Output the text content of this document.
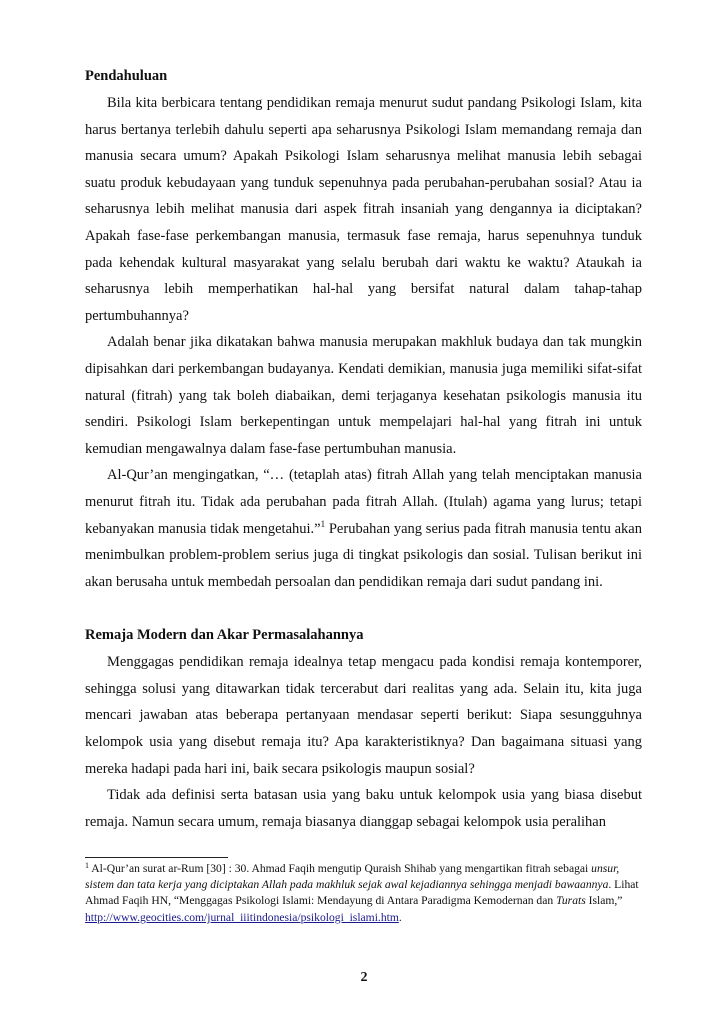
Pendahuluan

Bila kita berbicara tentang pendidikan remaja menurut sudut pandang Psikologi Islam, kita harus bertanya terlebih dahulu seperti apa seharusnya Psikologi Islam memandang remaja dan manusia secara umum? Apakah Psikologi Islam seharusnya melihat manusia lebih sebagai suatu produk kebudayaan yang tunduk sepenuhnya pada perubahan-perubahan sosial? Atau ia seharusnya lebih melihat manusia dari aspek fitrah insaniah yang dengannya ia diciptakan? Apakah fase-fase perkembangan manusia, termasuk fase remaja, harus sepenuhnya tunduk pada kehendak kultural masyarakat yang selalu berubah dari waktu ke waktu? Ataukah ia seharusnya lebih memperhatikan hal-hal yang bersifat natural dalam tahap-tahap pertumbuhannya?

Adalah benar jika dikatakan bahwa manusia merupakan makhluk budaya dan tak mungkin dipisahkan dari perkembangan budayanya. Kendati demikian, manusia juga memiliki sifat-sifat natural (fitrah) yang tak boleh diabaikan, demi terjaganya kesehatan psikologis manusia itu sendiri. Psikologi Islam berkepentingan untuk mempelajari hal-hal yang fitrah ini untuk kemudian mengawalnya dalam fase-fase pertumbuhan manusia.

Al-Qur’an mengingatkan, “… (tetaplah atas) fitrah Allah yang telah menciptakan manusia menurut fitrah itu. Tidak ada perubahan pada fitrah Allah. (Itulah) agama yang lurus; tetapi kebanyakan manusia tidak mengetahui.”$^1$ Perubahan yang serius pada fitrah manusia tentu akan menimbulkan problem-problem serius juga di tingkat psikologis dan sosial. Tulisan berikut ini akan berusaha untuk membedah persoalan dan pendidikan remaja dari sudut pandang ini.

Remaja Modern dan Akar Permasalahannya

Menggagas pendidikan remaja idealnya tetap mengacu pada kondisi remaja kontemporer, sehingga solusi yang ditawarkan tidak tercerabut dari realitas yang ada. Selain itu, kita juga mencari jawaban atas beberapa pertanyaan mendasar seperti berikut: Siapa sesungguhnya kelompok usia yang disebut remaja itu? Apa karakteristiknya? Dan bagaimana situasi yang mereka hadapi pada hari ini, baik secara psikologis maupun sosial?

Tidak ada definisi serta batasan usia yang baku untuk kelompok usia yang biasa disebut remaja. Namun secara umum, remaja biasanya dianggap sebagai kelompok usia peralihan

$^1$ Al-Qur’an surat ar-Rum [30] : 30. Ahmad Faqih mengutip Quraish Shihab yang mengartikan fitrah sebagai unsur, sistem dan tata kerja yang diciptakan Allah pada makhluk sejak awal kejadiannya sehingga menjadi bawaannya. Lihat Ahmad Faqih HN, “Menggagas Psikologi Islami: Mendayung di Antara Paradigma Kemodernan dan Turats Islam,” http://www.geocities.com/jurnal_iiitindonesia/psikologi_islami.htm.
2
